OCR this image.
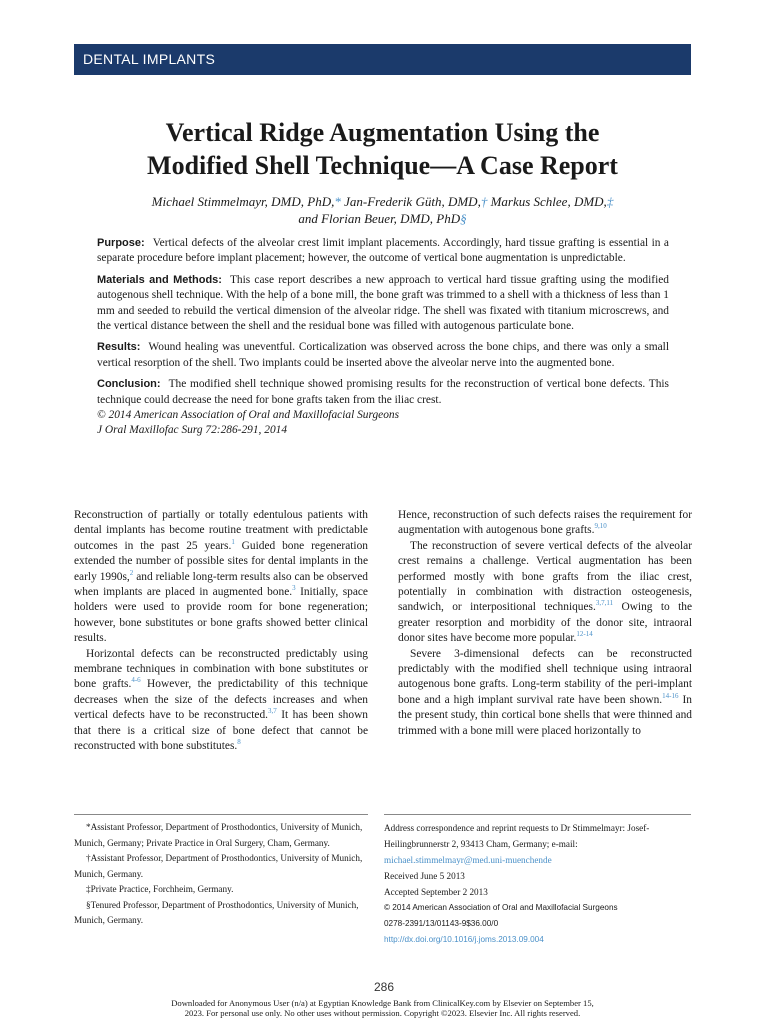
DENTAL IMPLANTS
Vertical Ridge Augmentation Using the
Modified Shell Technique—A Case Report
Michael Stimmelmayr, DMD, PhD,* Jan-Frederik Güth, DMD,† Markus Schlee, DMD,‡
and Florian Beuer, DMD, PhD§

Purpose: Vertical defects of the alveolar crest limit implant placements. Accordingly, hard tissue grafting is essential in a separate procedure before implant placement; however, the outcome of vertical bone augmentation is unpredictable.

Materials and Methods: This case report describes a new approach to vertical hard tissue grafting using the modified autogenous shell technique. With the help of a bone mill, the bone graft was trimmed to a shell with a thickness of less than 1 mm and seeded to rebuild the vertical dimension of the alveolar ridge. The shell was fixated with titanium microscrews, and the vertical distance between the shell and the residual bone was filled with autogenous particulate bone.

Results: Wound healing was uneventful. Corticalization was observed across the bone chips, and there was only a small vertical resorption of the shell. Two implants could be inserted above the alveolar nerve into the augmented bone.

Conclusion: The modified shell technique showed promising results for the reconstruction of vertical bone defects. This technique could decrease the need for bone grafts taken from the iliac crest.
© 2014 American Association of Oral and Maxillofacial Surgeons
J Oral Maxillofac Surg 72:286-291, 2014

Reconstruction of partially or totally edentulous patients with dental implants has become routine treatment with predictable outcomes in the past 25 years.$^1$ Guided bone regeneration extended the number of possible sites for dental implants in the early 1990s,$^2$ and reliable long-term results also can be observed when implants are placed in augmented bone.$^3$ Initially, space holders were used to provide room for bone regeneration; however, bone substitutes or bone grafts showed better clinical results.

Horizontal defects can be reconstructed predictably using membrane techniques in combination with bone substitutes or bone grafts.$^{4-6}$ However, the predictability of this technique decreases when the size of the defects increases and when vertical defects have to be reconstructed.$^{3,7}$ It has been shown that there is a critical size of bone defect that cannot be reconstructed with bone substitutes.$^8$

Hence, reconstruction of such defects raises the requirement for augmentation with autogenous bone grafts.$^{9,10}$

The reconstruction of severe vertical defects of the alveolar crest remains a challenge. Vertical augmentation has been performed mostly with bone grafts from the iliac crest, potentially in combination with distraction osteogenesis, sandwich, or interpositional techniques.$^{3,7,11}$ Owing to the greater resorption and morbidity of the donor site, intraoral donor sites have become more popular.$^{12-14}$

Severe 3-dimensional defects can be reconstructed predictably with the modified shell technique using intraoral autogenous bone grafts. Long-term stability of the peri-implant bone and a high implant survival rate have been shown.$^{14-16}$ In the present study, thin cortical bone shells that were thinned and trimmed with a bone mill were placed horizontally to

*Assistant Professor, Department of Prosthodontics, University of Munich, Munich, Germany; Private Practice in Oral Surgery, Cham, Germany.

†Assistant Professor, Department of Prosthodontics, University of Munich, Munich, Germany.

‡Private Practice, Forchheim, Germany.

§Tenured Professor, Department of Prosthodontics, University of Munich, Munich, Germany.

Address correspondence and reprint requests to Dr Stimmelmayr: Josef-Heilingbrunnerstr 2, 93413 Cham, Germany; e-mail: michael.stimmelmayr@med.uni-muenchende

Received June 5 2013

Accepted September 2 2013

© 2014 American Association of Oral and Maxillofacial Surgeons

0278-2391/13/01143-9$36.00/0

http://dx.doi.org/10.1016/j.joms.2013.09.004

286
Downloaded for Anonymous User (n/a) at Egyptian Knowledge Bank from ClinicalKey.com by Elsevier on September 15,
2023. For personal use only. No other uses without permission. Copyright ©2023. Elsevier Inc. All rights reserved.
